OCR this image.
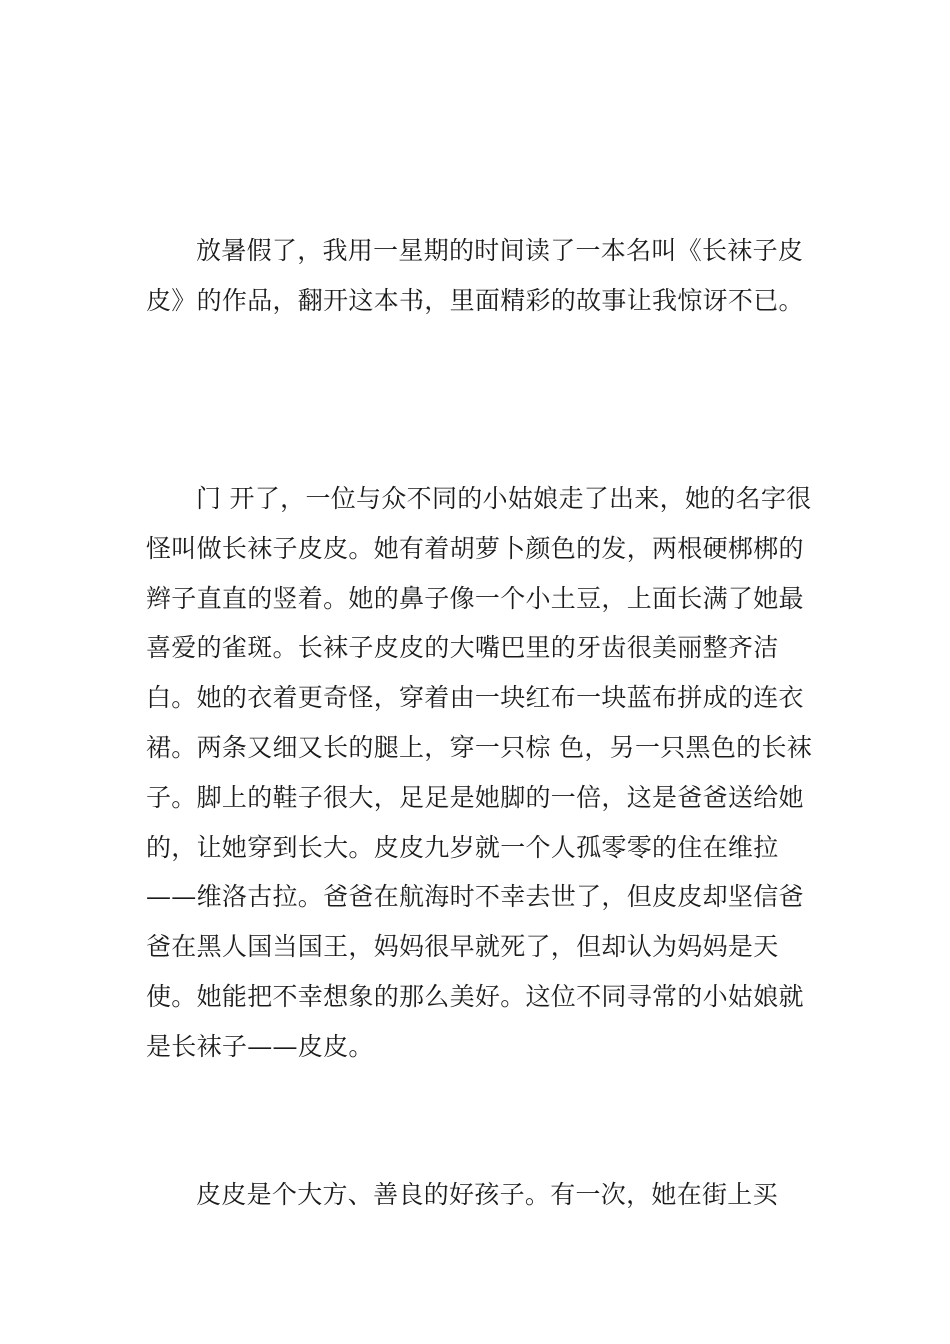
放暑假了，我用一星期的时间读了一本名叫《长袜子皮皮》的作品，翻开这本书，里面精彩的故事让我惊讶不已。

门 开了，一位与众不同的小姑娘走了出来，她的名字很怪叫做长袜子皮皮。她有着胡萝卜颜色的发，两根硬梆梆的辫子直直的竖着。她的鼻子像一个小土豆，上面长满了她最喜爱的雀斑。长袜子皮皮的大嘴巴里的牙齿很美丽整齐洁白。她的衣着更奇怪，穿着由一块红布一块蓝布拼成的连衣裙。两条又细又长的腿上，穿一只棕 色，另一只黑色的长袜子。脚上的鞋子很大，足足是她脚的一倍，这是爸爸送给她的，让她穿到长大。皮皮九岁就一个人孤零零的住在维拉——维洛古拉。爸爸在航海时不幸去世了，但皮皮却坚信爸爸在黑人国当国王，妈妈很早就死了，但却认为妈妈是天使。她能把不幸想象的那么美好。这位不同寻常的小姑娘就是长袜子——皮皮。

皮皮是个大方、善良的好孩子。有一次，她在街上买
